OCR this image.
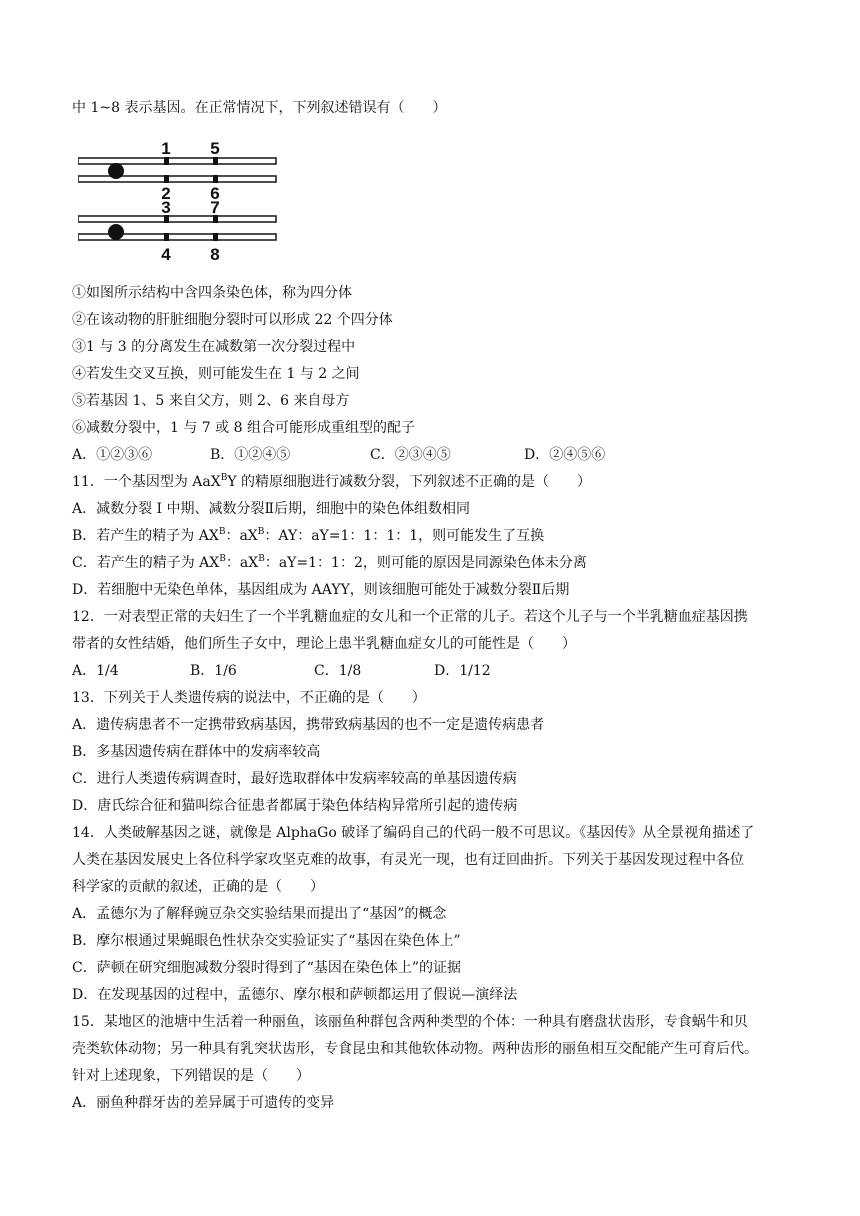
中 1~8 表示基因。在正常情况下，下列叙述错误有（　　）
1
2
3
4
5
6
7
8
①如图所示结构中含四条染色体，称为四分体
②在该动物的肝脏细胞分裂时可以形成 22 个四分体
③1 与 3 的分离发生在减数第一次分裂过程中
④若发生交叉互换，则可能发生在 1 与 2 之间
⑤若基因 1、5 来自父方，则 2、6 来自母方
⑥减数分裂中，1 与 7 或 8 组合可能形成重组型的配子
A．①②③⑥	B．①②④⑤	C．②③④⑤	D．②④⑤⑥
11．一个基因型为 AaX$^B$Y 的精原细胞进行减数分裂，下列叙述不正确的是（　　）
A．减数分裂 I 中期、减数分裂Ⅱ后期，细胞中的染色体组数相同
B．若产生的精子为 $AX^B$：$aX^B$：AY：aY=1：1：1：1，则可能发生了互换
C．若产生的精子为 $AX^B$：$aX^B$：aY=1：1：2，则可能的原因是同源染色体未分离
D．若细胞中无染色单体，基因组成为 AAYY，则该细胞可能处于减数分裂Ⅱ后期
12．一对表型正常的夫妇生了一个半乳糖血症的女儿和一个正常的儿子。若这个儿子与一个半乳糖血症基因携
带者的女性结婚，他们所生子女中，理论上患半乳糖血症女儿的可能性是（　　）
A．1/4	B．1/6	C．1/8	D．1/12
13．下列关于人类遗传病的说法中，不正确的是（　　）
A．遗传病患者不一定携带致病基因，携带致病基因的也不一定是遗传病患者
B．多基因遗传病在群体中的发病率较高
C．进行人类遗传病调查时，最好选取群体中发病率较高的单基因遗传病
D．唐氏综合征和猫叫综合征患者都属于染色体结构异常所引起的遗传病
14．人类破解基因之谜，就像是 AlphaGo 破译了编码自己的代码一般不可思议。《基因传》从全景视角描述了
人类在基因发展史上各位科学家攻坚克难的故事，有灵光一现，也有迂回曲折。下列关于基因发现过程中各位
科学家的贡献的叙述，正确的是（　　）
A．孟德尔为了解释豌豆杂交实验结果而提出了“基因”的概念
B．摩尔根通过果蝇眼色性状杂交实验证实了“基因在染色体上”
C．萨顿在研究细胞减数分裂时得到了“基因在染色体上”的证据
D．在发现基因的过程中，孟德尔、摩尔根和萨顿都运用了假说—演绎法
15．某地区的池塘中生活着一种丽鱼，该丽鱼种群包含两种类型的个体：一种具有磨盘状齿形，专食蜗牛和贝
壳类软体动物；另一种具有乳突状齿形，专食昆虫和其他软体动物。两种齿形的丽鱼相互交配能产生可育后代。
针对上述现象，下列错误的是（　　）
A．丽鱼种群牙齿的差异属于可遗传的变异
